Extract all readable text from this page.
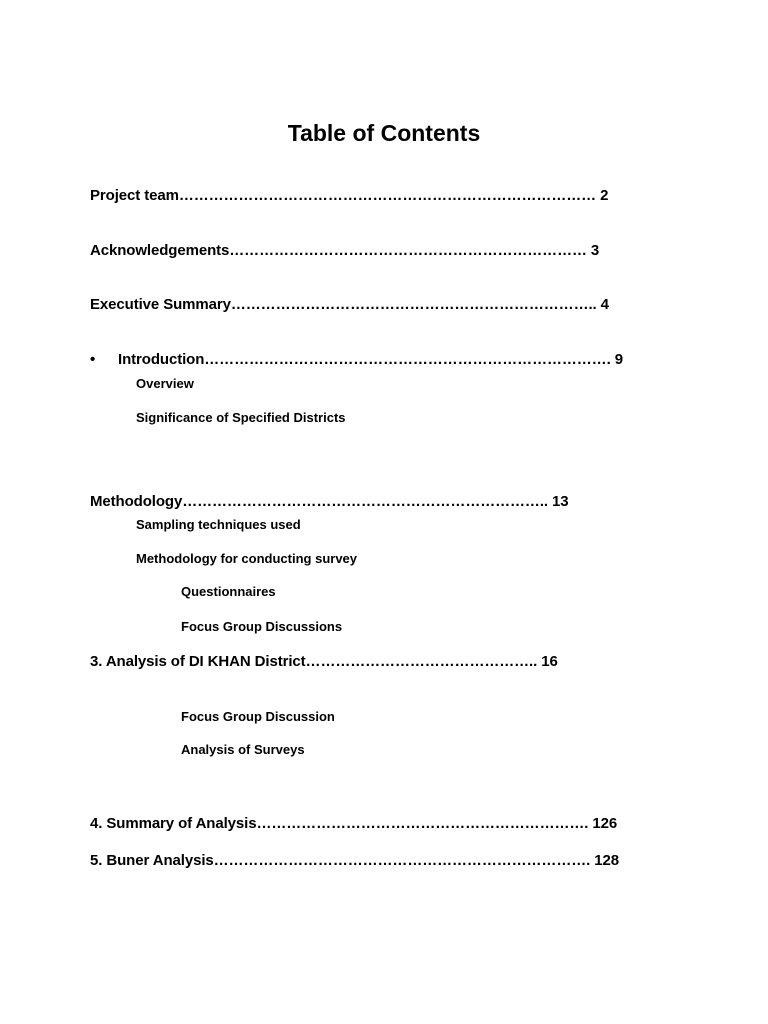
Table of Contents
Project team………………………………………………………………………… 2
Acknowledgements……………………………………………………………… 3
Executive Summary……………………………………………………………….. 4
• Introduction………………………………………………………………………. 9
Overview
Significance of Specified Districts
Methodology……………………………………………………………….. 13
Sampling techniques used
Methodology for conducting survey
Questionnaires
Focus Group Discussions
3. Analysis of DI KHAN District……………………………………….. 16
Focus Group Discussion
Analysis of Surveys
4. Summary of Analysis…………………………………………………………. 126
5. Buner Analysis…………………………………………………………………. 128
